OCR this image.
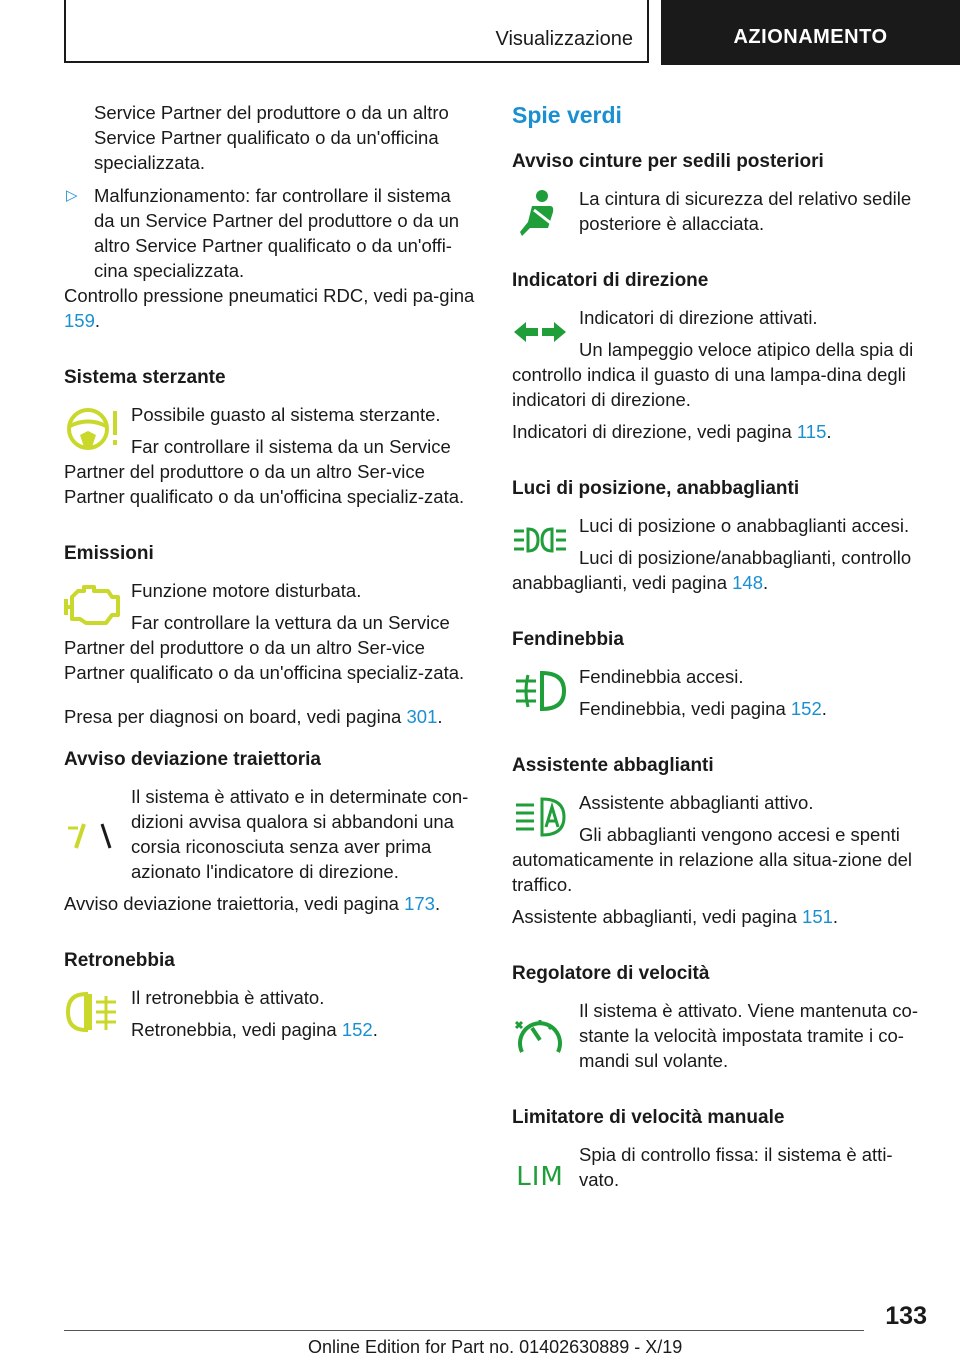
Visualizzazione	AZIONAMENTO

Service Partner del produttore o da un altro Service Partner qualificato o da un'officina specializzata.

▷ Malfunzionamento: far controllare il sistema da un Service Partner del produttore o da un altro Service Partner qualificato o da un'offi-cina specializzata.

Controllo pressione pneumatici RDC, vedi pa-gina 159.

Sistema sterzante

Possibile guasto al sistema sterzante.

Far controllare il sistema da un Service Partner del produttore o da un altro Ser-vice Partner qualificato o da un'officina specializ-zata.

Emissioni

Funzione motore disturbata.

Far controllare la vettura da un Service Partner del produttore o da un altro Ser-vice Partner qualificato o da un'officina specializ-zata.

Presa per diagnosi on board, vedi pagina 301.

Avviso deviazione traiettoria

Il sistema è attivato e in determinate con-dizioni avvisa qualora si abbandoni una corsia riconosciuta senza aver prima azionato l'indicatore di direzione.

Avviso deviazione traiettoria, vedi pagina 173.

Retronebbia

Il retronebbia è attivato.

Retronebbia, vedi pagina 152.

Spie verdi
Avviso cinture per sedili posteriori

La cintura di sicurezza del relativo sedile posteriore è allacciata.

Indicatori di direzione

Indicatori di direzione attivati.

Un lampeggio veloce atipico della spia di controllo indica il guasto di una lampa-dina degli indicatori di direzione.

Indicatori di direzione, vedi pagina 115.

Luci di posizione, anabbaglianti

Luci di posizione o anabbaglianti accesi.

Luci di posizione/anabbaglianti, controllo anabbaglianti, vedi pagina 148.

Fendinebbia

Fendinebbia accesi.

Fendinebbia, vedi pagina 152.

Assistente abbaglianti

Assistente abbaglianti attivo.

Gli abbaglianti vengono accesi e spenti automaticamente in relazione alla situa-zione del traffico.

Assistente abbaglianti, vedi pagina 151.

Regolatore di velocità

Il sistema è attivato. Viene mantenuta co-stante la velocità impostata tramite i co-mandi sul volante.

Limitatore di velocità manuale
LIM

Spia di controllo fissa: il sistema è atti-vato.

133
Online Edition for Part no. 01402630889 - X/19
